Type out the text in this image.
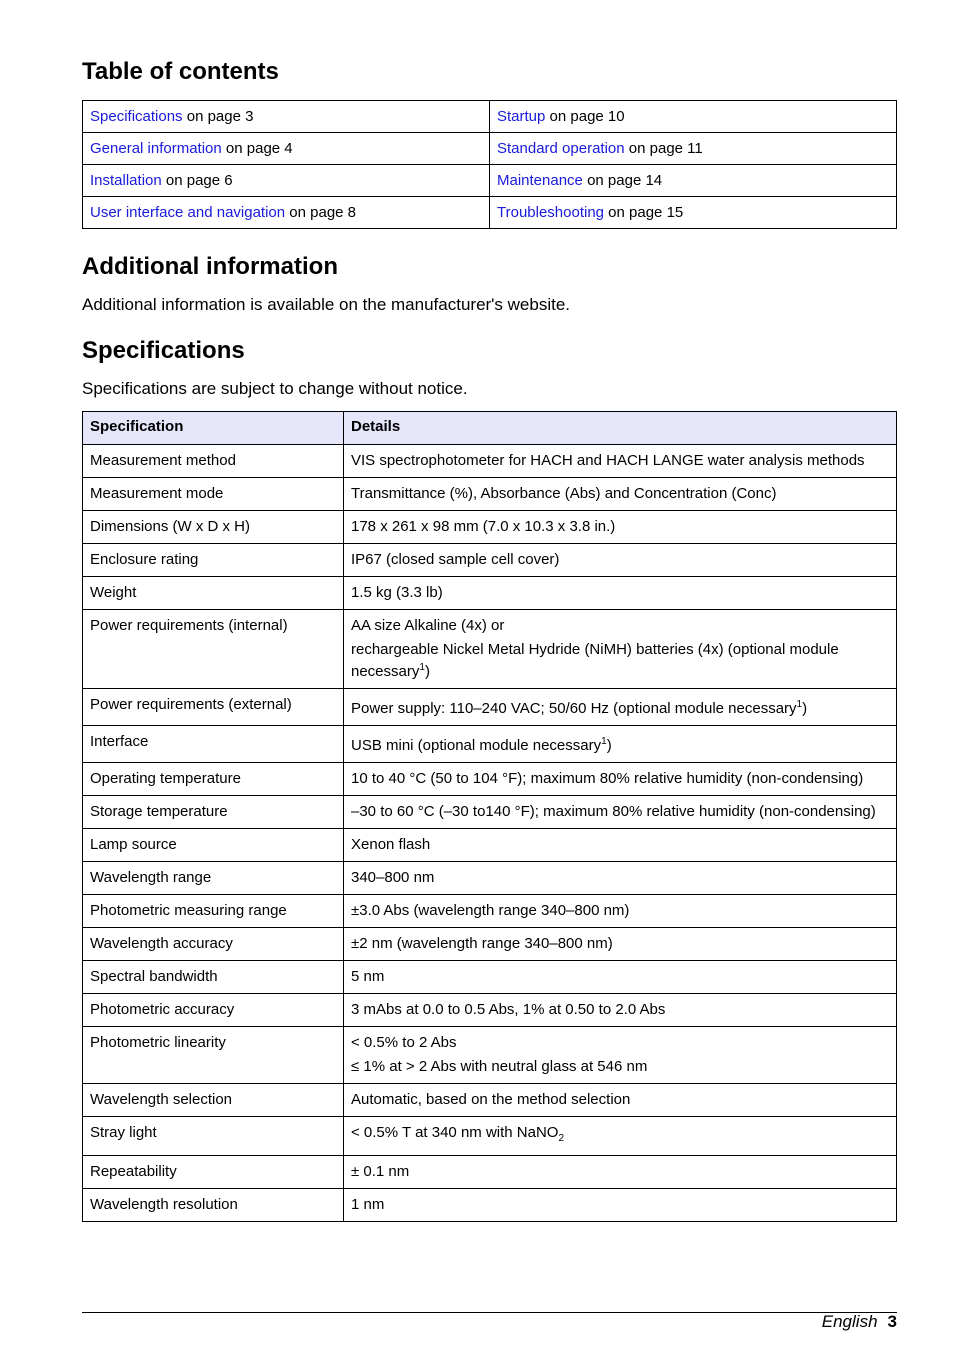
Table of contents
Specifications on page 3	Startup on page 10
General information on page 4	Standard operation on page 11
Installation on page 6	Maintenance on page 14
User interface and navigation on page 8	Troubleshooting on page 15
Additional information

Additional information is available on the manufacturer's website.

Specifications

Specifications are subject to change without notice.

Specification	Details
Measurement method	VIS spectrophotometer for HACH and HACH LANGE water analysis methods

Measurement mode	Transmittance (%), Absorbance (Abs) and Concentration (Conc)

Dimensions (W x D x H)	178 x 261 x 98 mm (7.0 x 10.3 x 3.8 in.)

Enclosure rating	IP67 (closed sample cell cover)

Weight	1.5 kg (3.3 lb)

Power requirements (internal)	AA size Alkaline (4x) or

rechargeable Nickel Metal Hydride (NiMH) batteries (4x) (optional module necessary$^1$)

Power requirements (external)	Power supply: 110–240 VAC; 50/60 Hz (optional module necessary$^1$)

Interface	USB mini (optional module necessary$^1$)

Operating temperature	10 to 40 °C (50 to 104 °F); maximum 80% relative humidity (non-condensing)

Storage temperature	–30 to 60 °C (–30 to140 °F); maximum 80% relative humidity (non-condensing)

Lamp source	Xenon flash

Wavelength range	340–800 nm

Photometric measuring range	±3.0 Abs (wavelength range 340–800 nm)

Wavelength accuracy	±2 nm (wavelength range 340–800 nm)

Spectral bandwidth	5 nm

Photometric accuracy	3 mAbs at 0.0 to 0.5 Abs, 1% at 0.50 to 2.0 Abs

Photometric linearity	< 0.5% to 2 Abs

≤ 1% at > 2 Abs with neutral glass at 546 nm

Wavelength selection	Automatic, based on the method selection

Stray light	< 0.5% T at 340 nm with NaNO$_2$

Repeatability	± 0.1 nm

Wavelength resolution	1 nm

English 3
